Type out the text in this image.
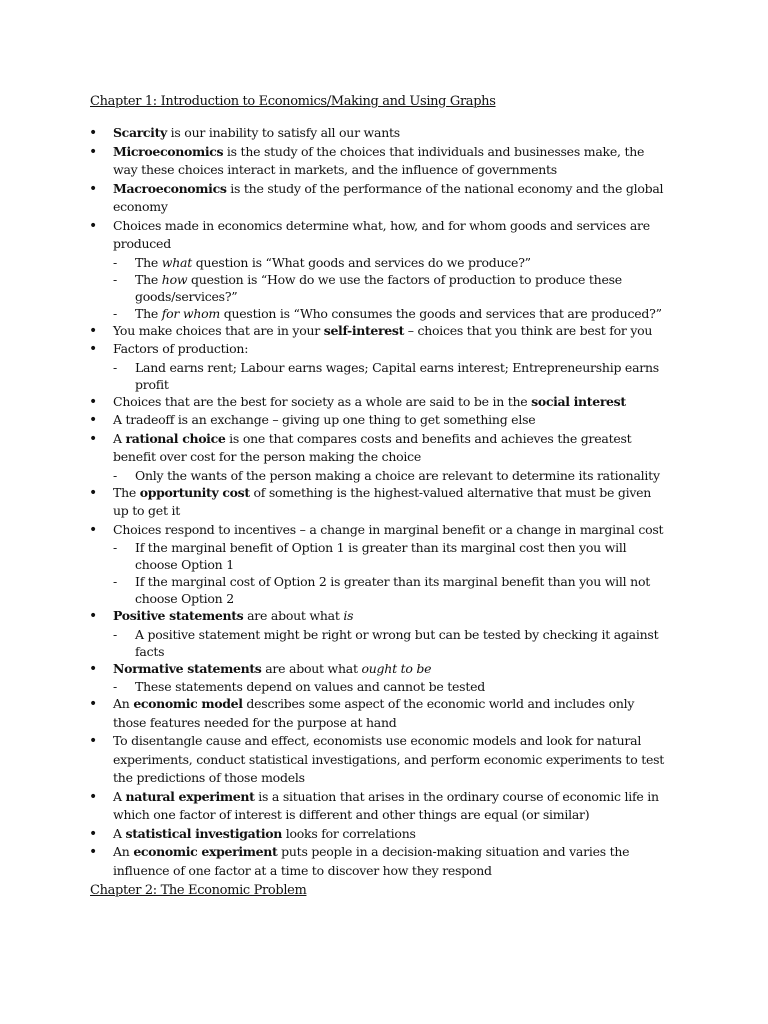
Chapter 1: Introduction to Economics/Making and Using Graphs
• Scarcity is our inability to satisfy all our wants
• Microeconomics is the study of the choices that individuals and businesses make, the way these choices interact in markets, and the influence of governments
• Macroeconomics is the study of the performance of the national economy and the global economy
• Choices made in economics determine what, how, and for whom goods and services are produced
- The what question is “What goods and services do we produce?”
- The how question is “How do we use the factors of production to produce these goods/services?”
- The for whom question is “Who consumes the goods and services that are produced?”
• You make choices that are in your self-interest – choices that you think are best for you
• Factors of production:
- Land earns rent; Labour earns wages; Capital earns interest; Entrepreneurship earns profit
• Choices that are the best for society as a whole are said to be in the social interest
• A tradeoff is an exchange – giving up one thing to get something else
• A rational choice is one that compares costs and benefits and achieves the greatest benefit over cost for the person making the choice
- Only the wants of the person making a choice are relevant to determine its rationality
• The opportunity cost of something is the highest-valued alternative that must be given up to get it
• Choices respond to incentives – a change in marginal benefit or a change in marginal cost
- If the marginal benefit of Option 1 is greater than its marginal cost then you will choose Option 1
- If the marginal cost of Option 2 is greater than its marginal benefit than you will not choose Option 2
• Positive statements are about what is
- A positive statement might be right or wrong but can be tested by checking it against facts
• Normative statements are about what ought to be
- These statements depend on values and cannot be tested
• An economic model describes some aspect of the economic world and includes only those features needed for the purpose at hand
• To disentangle cause and effect, economists use economic models and look for natural experiments, conduct statistical investigations, and perform economic experiments to test the predictions of those models
• A natural experiment is a situation that arises in the ordinary course of economic life in which one factor of interest is different and other things are equal (or similar)
• A statistical investigation looks for correlations
• An economic experiment puts people in a decision-making situation and varies the influence of one factor at a time to discover how they respond
Chapter 2: The Economic Problem
